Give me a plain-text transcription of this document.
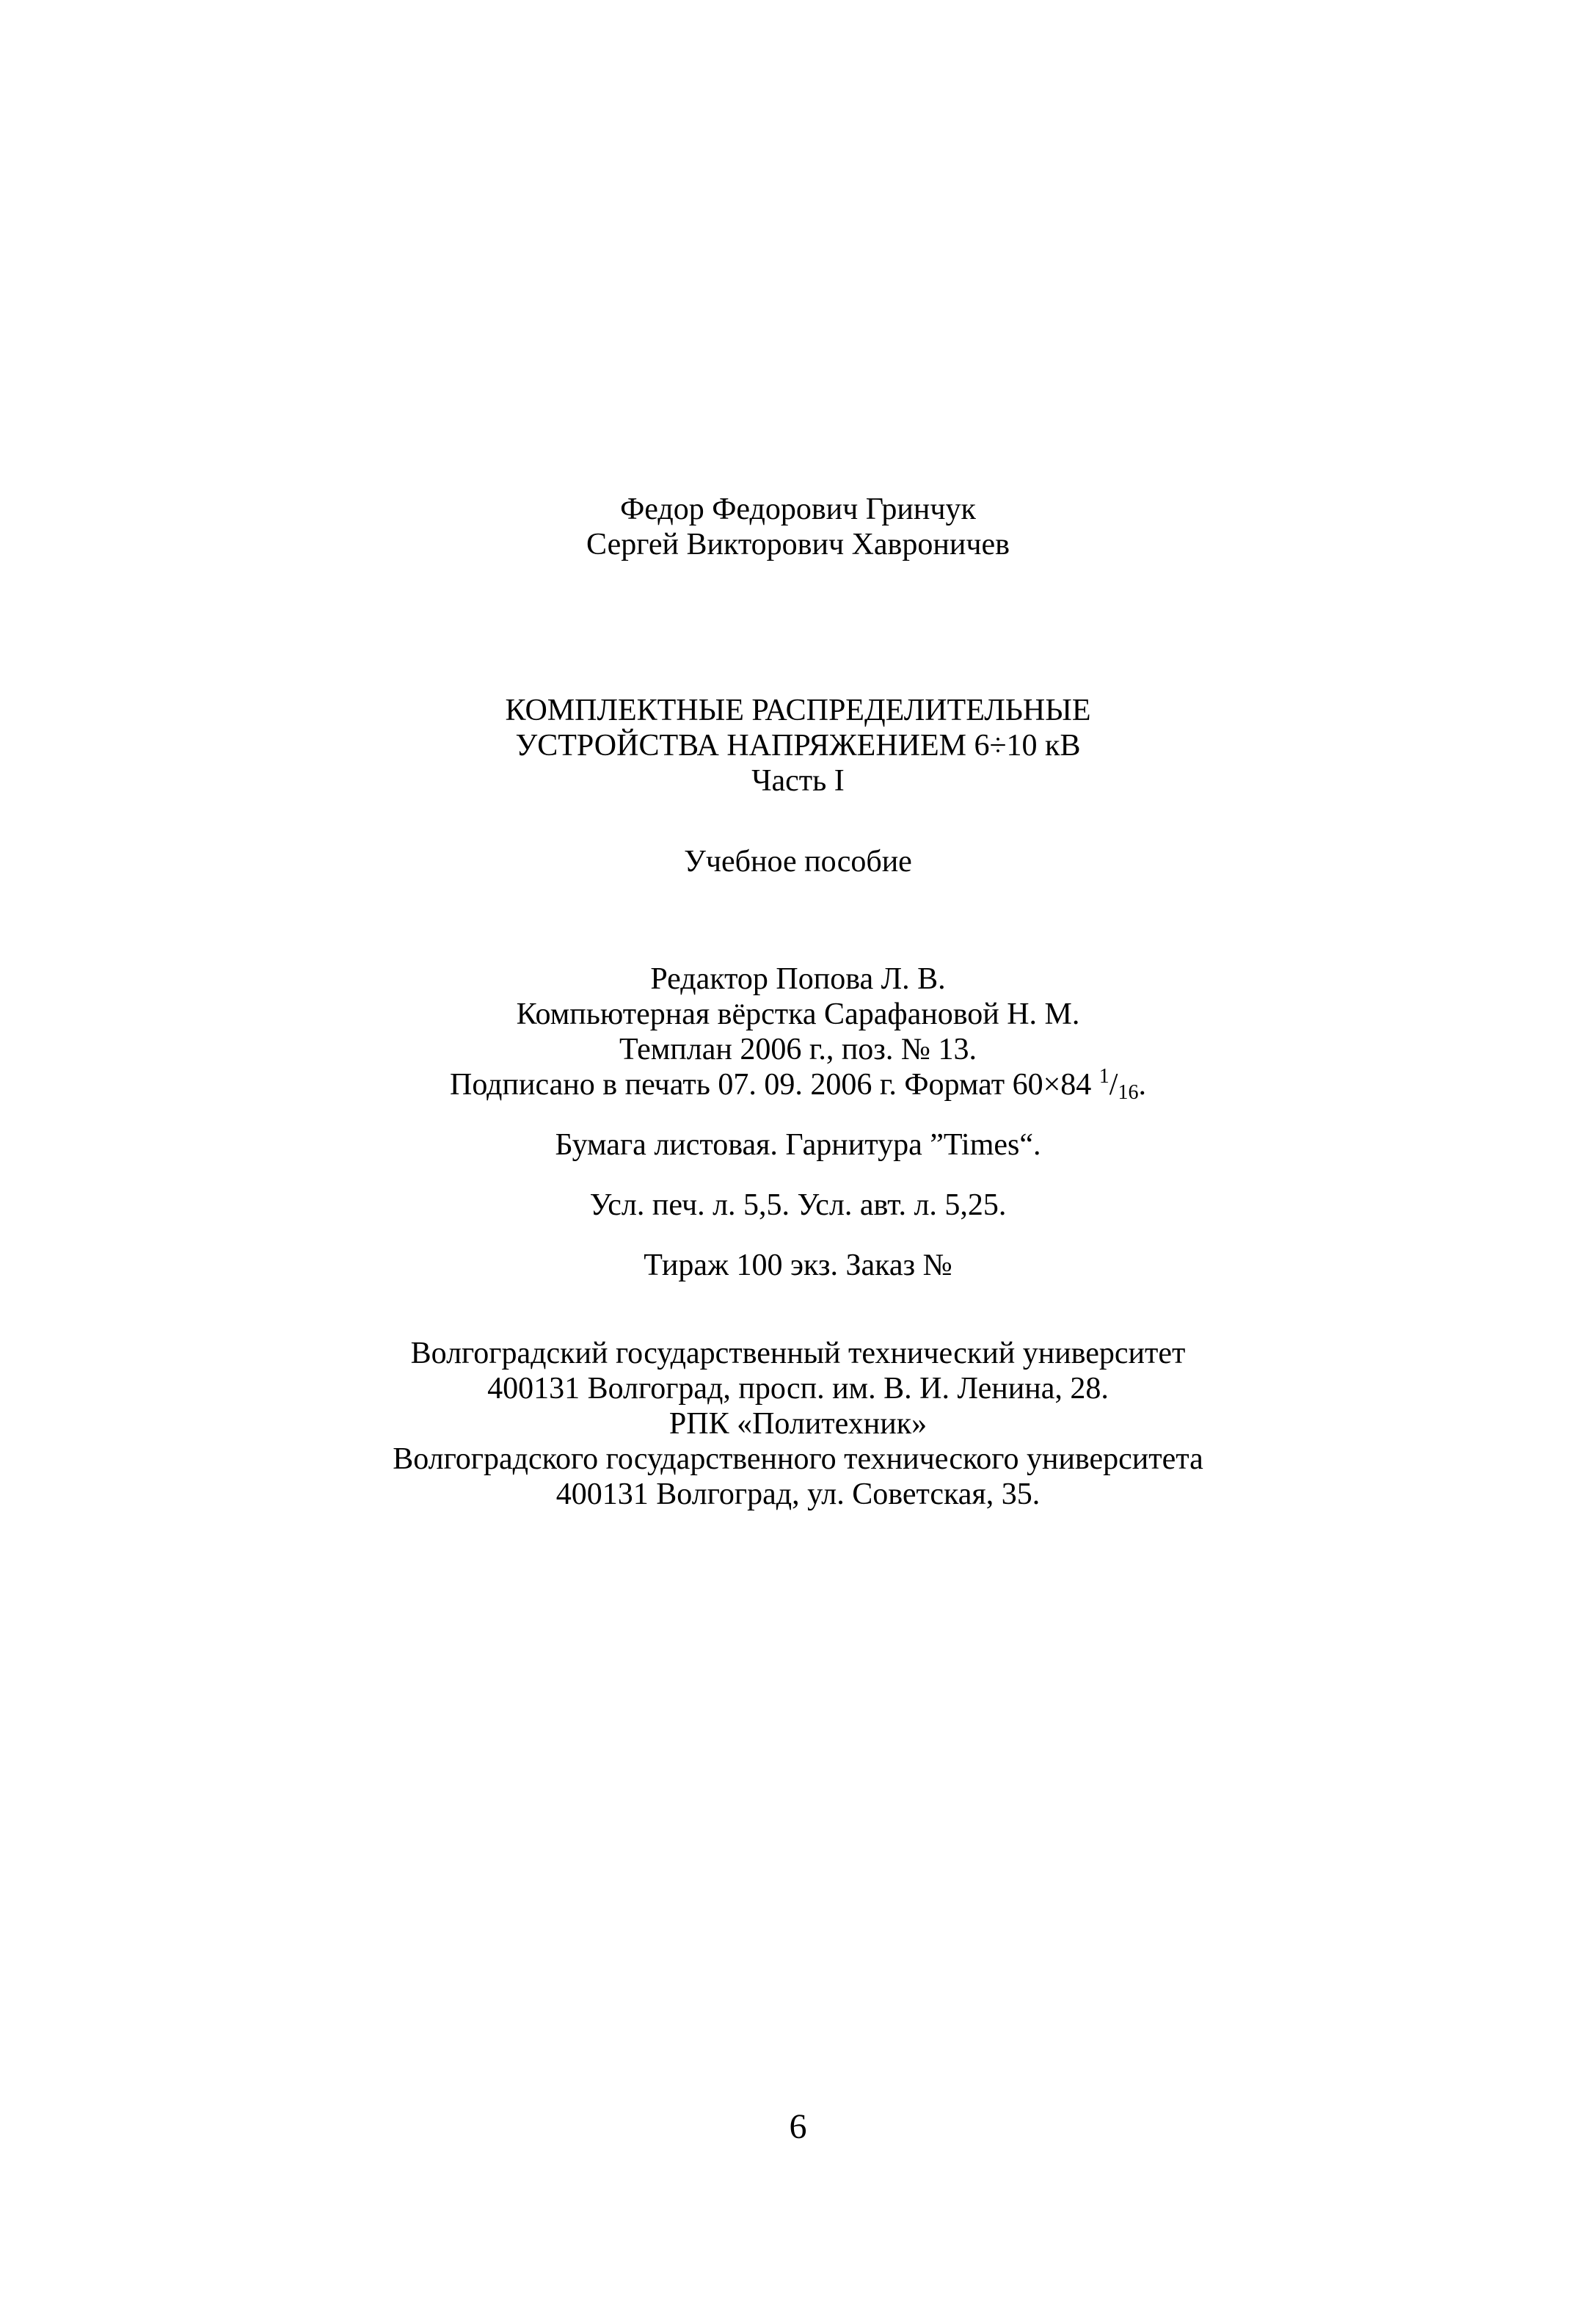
Федор Федорович Гринчук
Сергей Викторович Хавроничев
КОМПЛЕКТНЫЕ РАСПРЕДЕЛИТЕЛЬНЫЕ
УСТРОЙСТВА НАПРЯЖЕНИЕМ 6÷10 кВ
Часть I
Учебное пособие
Редактор Попова Л. В.
Компьютерная вёрстка Сарафановой Н. М.
Темплан 2006 г., поз. № 13.
Подписано в печать 07. 09. 2006 г. Формат 60×84 $^1/_{16}$.
Бумага листовая. Гарнитура ”Times“.
Усл. печ. л. 5,5. Усл. авт. л. 5,25.
Тираж 100 экз. Заказ №
Волгоградский государственный технический университет
400131 Волгоград, просп. им. В. И. Ленина, 28.
РПК «Политехник»
Волгоградского государственного технического университета
400131 Волгоград, ул. Советская, 35.
6
